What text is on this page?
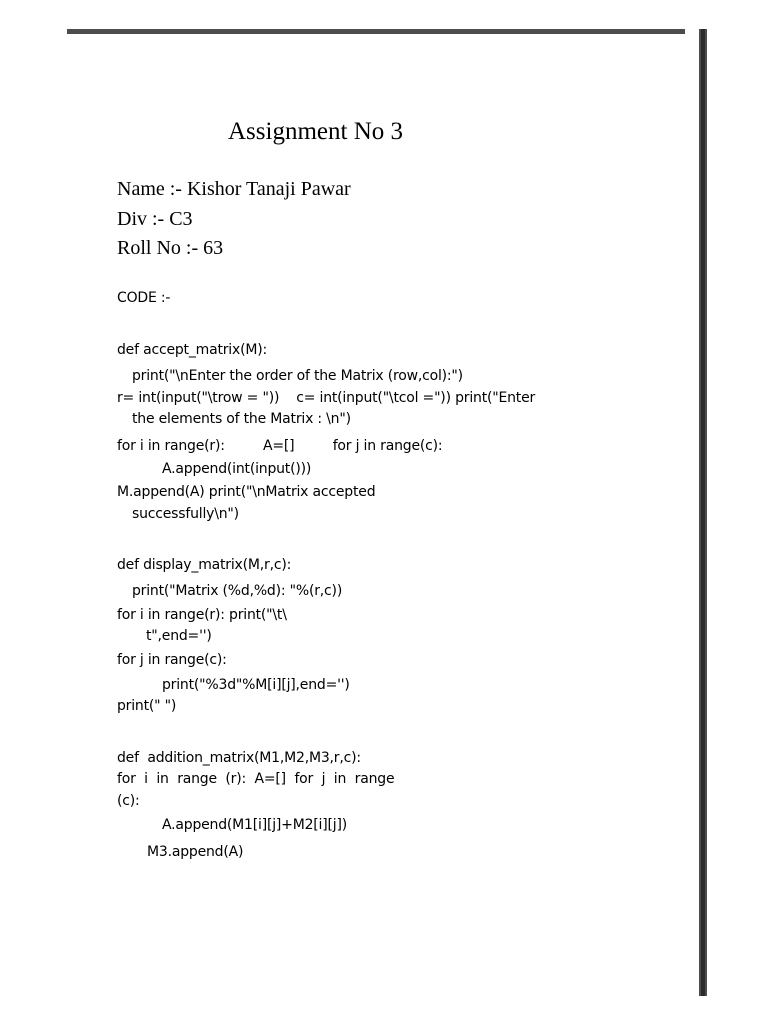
Assignment No 3
Name :- Kishor Tanaji Pawar
Div :- C3
Roll No :- 63
CODE :-
def accept_matrix(M):
print("\nEnter the order of the Matrix (row,col):")
r= int(input("\trow = "))    c= int(input("\tcol =")) print("Enter
the elements of the Matrix : \n")
for i in range(r):         A=[]         for j in range(c):
A.append(int(input()))
M.append(A) print("\nMatrix accepted
successfully\n")
def display_matrix(M,r,c):
print("Matrix (%d,%d): "%(r,c))
for i in range(r): print("\t\
t",end='')
for j in range(c):
print("%3d"%M[i][j],end='')
print(" ")
def  addition_matrix(M1,M2,M3,r,c):
for  i  in  range  (r):  A=[]  for  j  in  range
(c):
A.append(M1[i][j]+M2[i][j])
M3.append(A)
